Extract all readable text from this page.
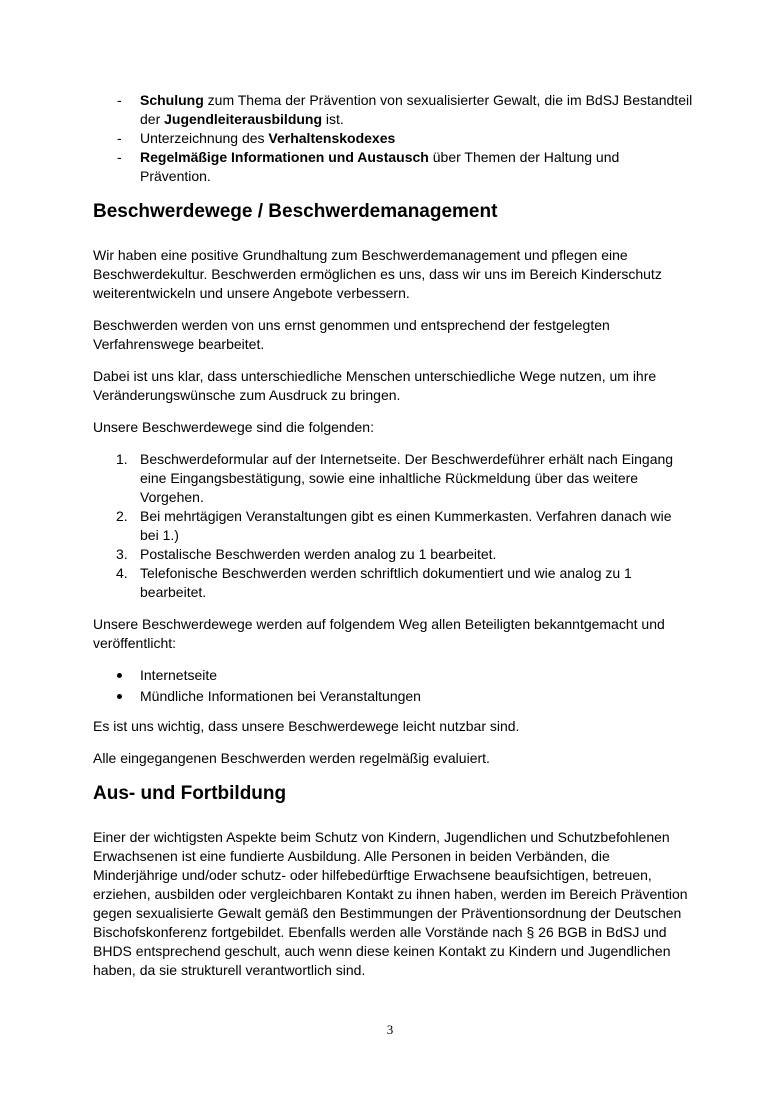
- Schulung zum Thema der Prävention von sexualisierter Gewalt, die im BdSJ Bestandteil der Jugendleiterausbildung ist.
- Unterzeichnung des Verhaltenskodexes
- Regelmäßige Informationen und Austausch über Themen der Haltung und Prävention.
Beschwerdewege / Beschwerdemanagement

Wir haben eine positive Grundhaltung zum Beschwerdemanagement und pflegen eine Beschwerdekultur. Beschwerden ermöglichen es uns, dass wir uns im Bereich Kinderschutz weiterentwickeln und unsere Angebote verbessern.

Beschwerden werden von uns ernst genommen und entsprechend der festgelegten Verfahrenswege bearbeitet.

Dabei ist uns klar, dass unterschiedliche Menschen unterschiedliche Wege nutzen, um ihre Veränderungswünsche zum Ausdruck zu bringen.

Unsere Beschwerdewege sind die folgenden:

1. Beschwerdeformular auf der Internetseite. Der Beschwerdeführer erhält nach Eingang eine Eingangsbestätigung, sowie eine inhaltliche Rückmeldung über das weitere Vorgehen.
2. Bei mehrtägigen Veranstaltungen gibt es einen Kummerkasten. Verfahren danach wie bei 1.)
3. Postalische Beschwerden werden analog zu 1 bearbeitet.
4. Telefonische Beschwerden werden schriftlich dokumentiert und wie analog zu 1 bearbeitet.

Unsere Beschwerdewege werden auf folgendem Weg allen Beteiligten bekanntgemacht und veröffentlicht:

Internetseite
Mündliche Informationen bei Veranstaltungen

Es ist uns wichtig, dass unsere Beschwerdewege leicht nutzbar sind.

Alle eingegangenen Beschwerden werden regelmäßig evaluiert.

Aus- und Fortbildung

Einer der wichtigsten Aspekte beim Schutz von Kindern, Jugendlichen und Schutzbefohlenen Erwachsenen ist eine fundierte Ausbildung. Alle Personen in beiden Verbänden, die Minderjährige und/oder schutz- oder hilfebedürftige Erwachsene beaufsichtigen, betreuen, erziehen, ausbilden oder vergleichbaren Kontakt zu ihnen haben, werden im Bereich Prävention gegen sexualisierte Gewalt gemäß den Bestimmungen der Präventionsordnung der Deutschen Bischofskonferenz fortgebildet. Ebenfalls werden alle Vorstände nach § 26 BGB in BdSJ und BHDS entsprechend geschult, auch wenn diese keinen Kontakt zu Kindern und Jugendlichen haben, da sie strukturell verantwortlich sind.

3
